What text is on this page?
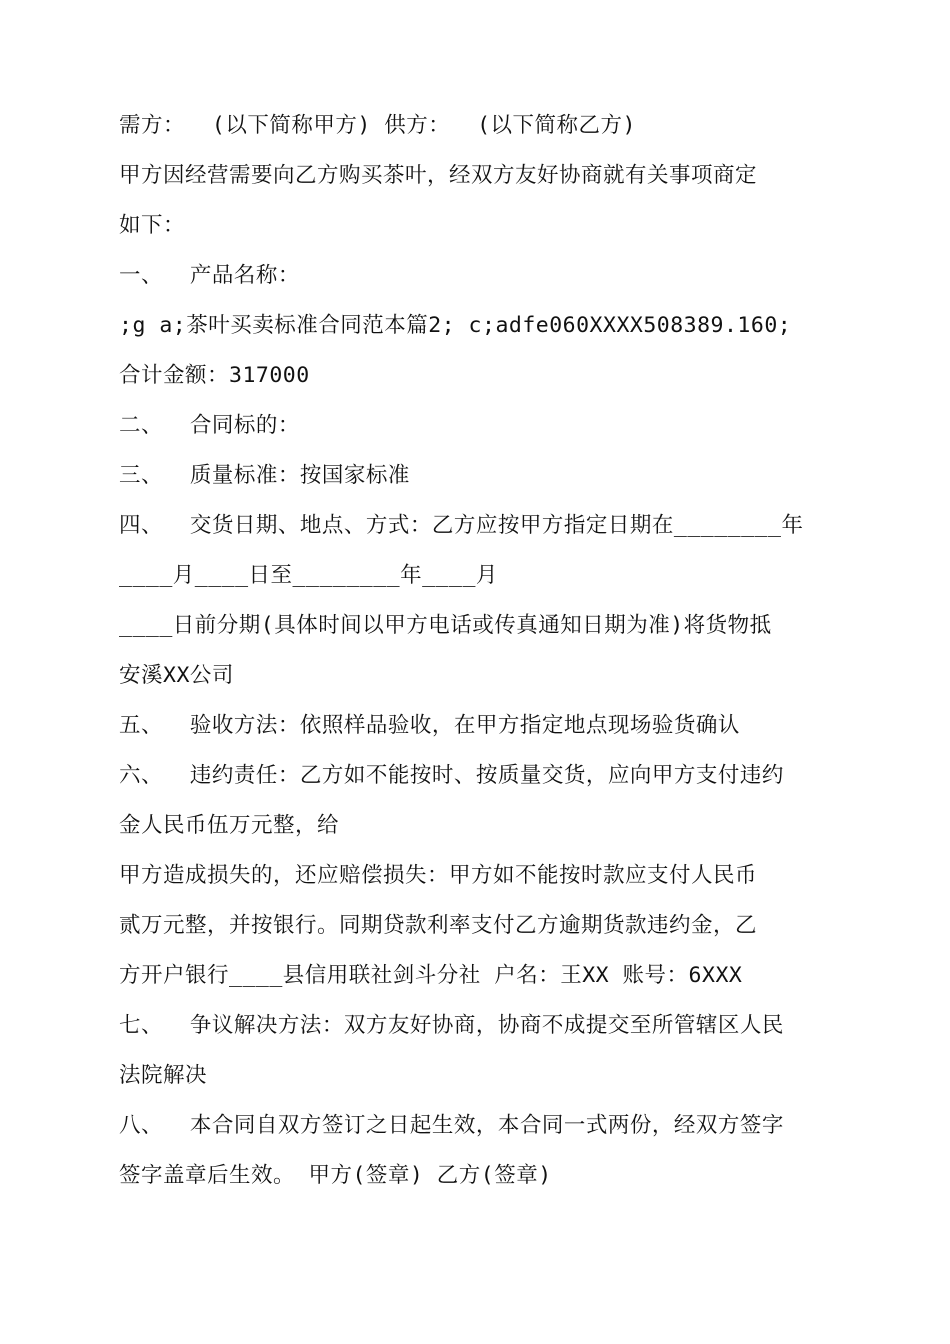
需方：  (以下简称甲方) 供方：  (以下简称乙方)
甲方因经营需要向乙方购买茶叶，经双方友好协商就有关事项商定
如下：
一、  产品名称：
;g a;茶叶买卖标准合同范本篇2; c;adfe060XXXX508389.160;
合计金额：317000
二、  合同标的：
三、  质量标准：按国家标准
四、  交货日期、地点、方式：乙方应按甲方指定日期在________年
____月____日至________年____月
____日前分期(具体时间以甲方电话或传真通知日期为准)将货物抵
安溪XX公司
五、  验收方法：依照样品验收，在甲方指定地点现场验货确认
六、  违约责任：乙方如不能按时、按质量交货，应向甲方支付违约
金人民币伍万元整，给
甲方造成损失的，还应赔偿损失：甲方如不能按时款应支付人民币
贰万元整，并按银行。同期贷款利率支付乙方逾期货款违约金，乙
方开户银行____县信用联社剑斗分社 户名：王XX 账号：6XXX
七、  争议解决方法：双方友好协商，协商不成提交至所管辖区人民
法院解决
八、  本合同自双方签订之日起生效，本合同一式两份，经双方签字
签字盖章后生效。 甲方(签章) 乙方(签章)
